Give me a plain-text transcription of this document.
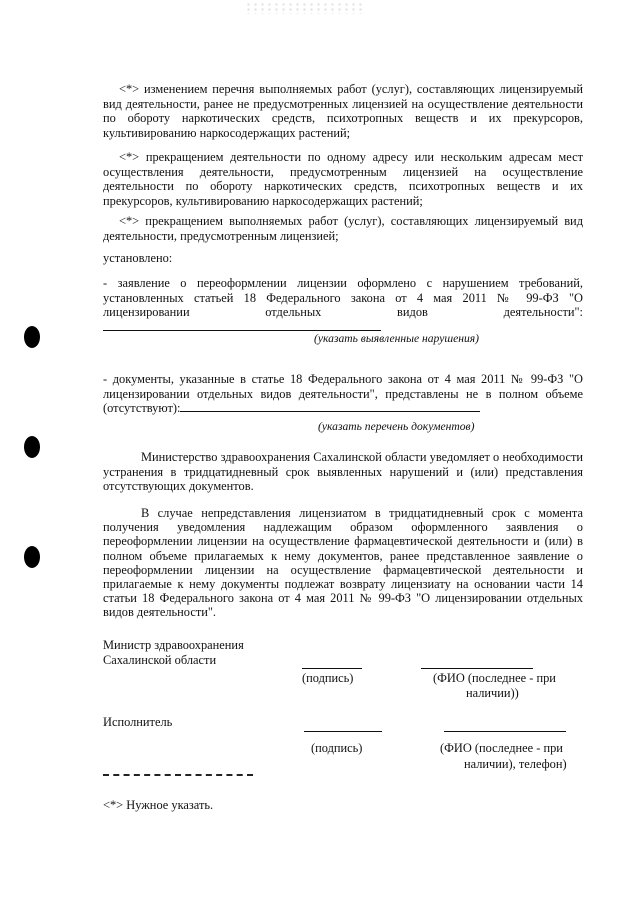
<*> изменением перечня выполняемых работ (услуг), составляющих лицензируемый вид деятельности, ранее не предусмотренных лицензией на осуществление деятельности по обороту наркотических средств, психотропных веществ и их прекурсоров, культивированию наркосодержащих растений;

<*> прекращением деятельности по одному адресу или нескольким адресам мест осуществления деятельности, предусмотренным лицензией на осуществление деятельности по обороту наркотических средств, психотропных веществ и их прекурсоров, культивированию наркосодержащих растений;

<*> прекращением выполняемых работ (услуг), составляющих лицензируемый вид деятельности, предусмотренным лицензией;

установлено:

- заявление о переоформлении лицензии оформлено с нарушением требований, установленных статьей 18 Федерального закона от 4 мая 2011 № 99-ФЗ "О лицензировании отдельных видов деятельности":

(указать выявленные нарушения)

- документы, указанные в статье 18 Федерального закона от 4 мая 2011 № 99-ФЗ "О лицензировании отдельных видов деятельности", представлены не в полном объеме (отсутствуют):

(указать перечень документов)

Министерство здравоохранения Сахалинской области уведомляет о необходимости устранения в тридцатидневный срок выявленных нарушений и (или) представления отсутствующих документов.

В случае непредставления лицензиатом в тридцатидневный срок с момента получения уведомления надлежащим образом оформленного заявления о переоформлении лицензии на осуществление фармацевтической деятельности и (или) в полном объеме прилагаемых к нему документов, ранее представленное заявление о переоформлении лицензии на осуществление фармацевтической деятельности и прилагаемые к нему документы подлежат возврату лицензиату на основании части 14 статьи 18 Федерального закона от 4 мая 2011 № 99-ФЗ "О лицензировании отдельных видов деятельности".

Министр здравоохранения
Сахалинской области
(подпись)	(ФИО (последнее - при
наличии))
Исполнитель
(подпись)	(ФИО (последнее - при
наличии), телефон)
<*> Нужное указать.
